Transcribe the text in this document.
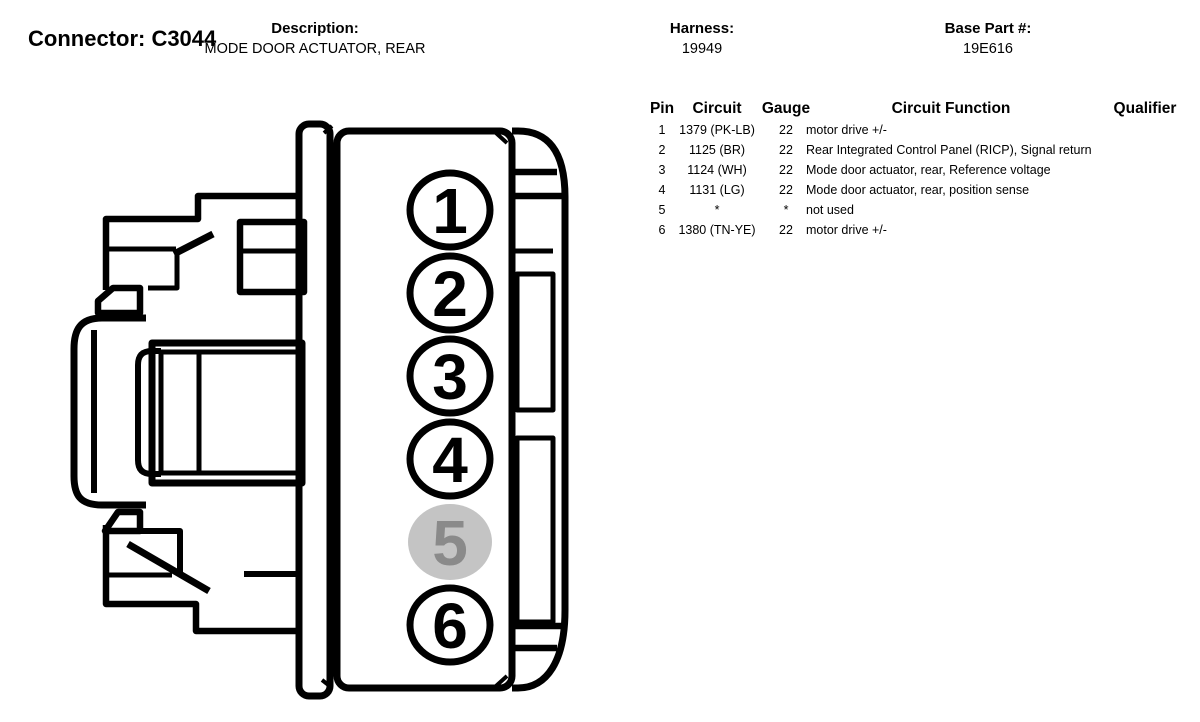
Connector: C3044	Description:
MODE DOOR ACTUATOR, REAR
Harness:
19949
Base Part #:
19E616
Pin	Circuit	Gauge	Circuit Function	Qualifier
1	1379 (PK-LB)	22	motor drive +/-
2	1125 (BR)	22	Rear Integrated Control Panel (RICP), Signal return
3	1124 (WH)	22	Mode door actuator, rear, Reference voltage
4	1131 (LG)	22	Mode door actuator, rear, position sense
5	*	*	not used
6	1380 (TN-YE)	22	motor drive +/-
1
2
3
4
5
6
